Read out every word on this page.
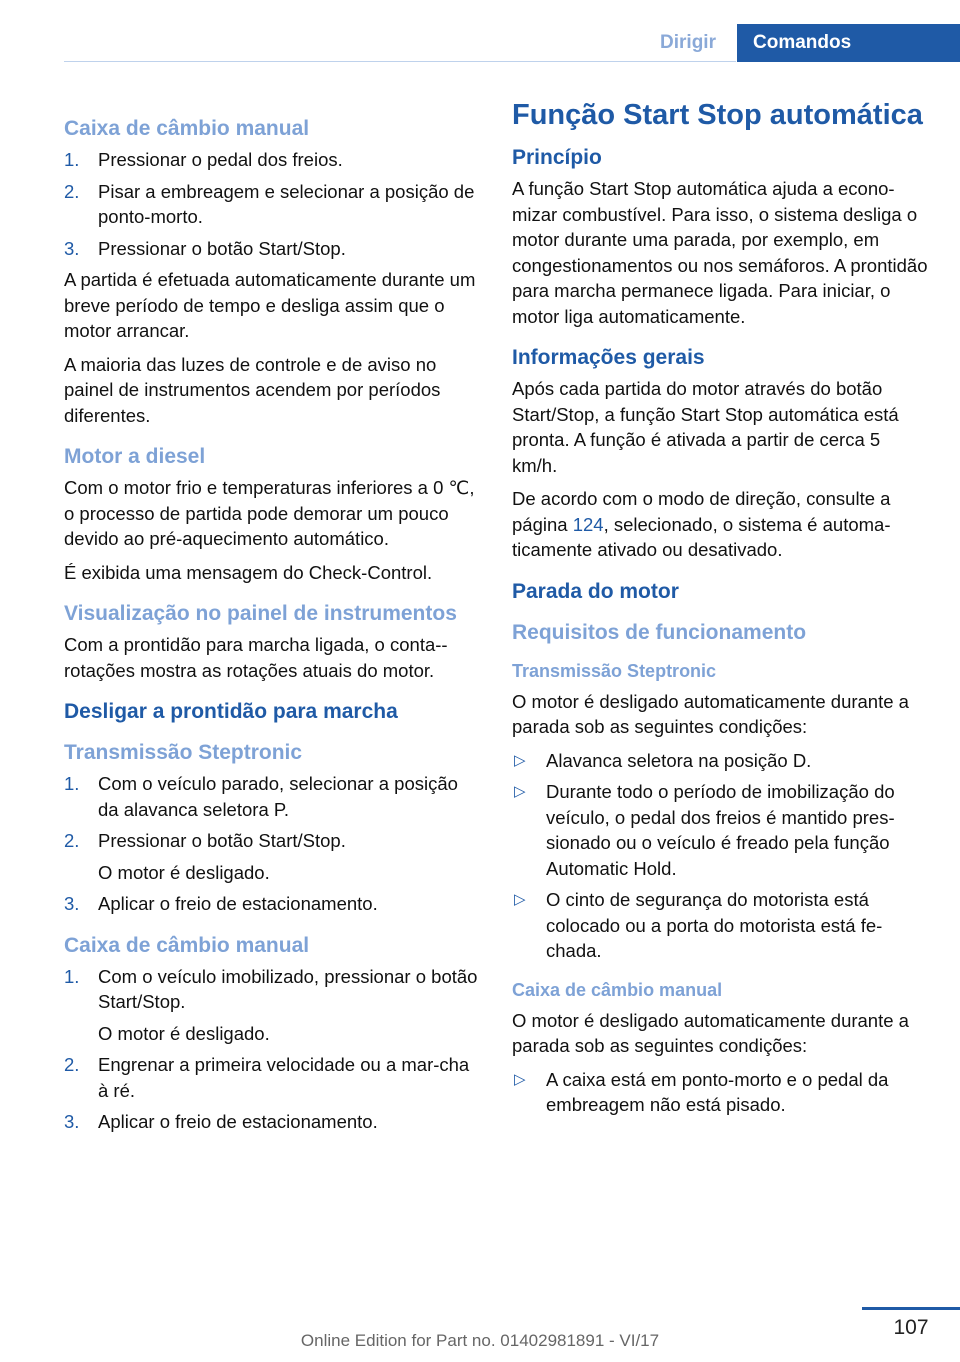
Dirigir	Comandos
Caixa de câmbio manual
1. Pressionar o pedal dos freios.
2. Pisar a embreagem e selecionar a posição de ponto-morto.
3. Pressionar o botão Start/Stop.

A partida é efetuada automaticamente durante um breve período de tempo e desliga assim que o motor arrancar.

A maioria das luzes de controle e de aviso no painel de instrumentos acendem por períodos diferentes.

Motor a diesel

Com o motor frio e temperaturas inferiores a 0 ℃, o processo de partida pode demorar um pouco devido ao pré-aquecimento automático.

É exibida uma mensagem do Check-Control.

Visualização no painel de instrumentos

Com a prontidão para marcha ligada, o conta--rotações mostra as rotações atuais do motor.

Desligar a prontidão para marcha
Transmissão Steptronic
1. Com o veículo parado, selecionar a posição da alavanca seletora P.
2. Pressionar o botão Start/Stop.
O motor é desligado.
3. Aplicar o freio de estacionamento.
Caixa de câmbio manual
1. Com o veículo imobilizado, pressionar o botão Start/Stop.
O motor é desligado.
2. Engrenar a primeira velocidade ou a mar-cha à ré.
3. Aplicar o freio de estacionamento.
Função Start Stop automática
Princípio

A função Start Stop automática ajuda a econo-mizar combustível. Para isso, o sistema desliga o motor durante uma parada, por exemplo, em congestionamentos ou nos semáforos. A prontidão para marcha permanece ligada. Para iniciar, o motor liga automaticamente.

Informações gerais

Após cada partida do motor através do botão Start/Stop, a função Start Stop automática está pronta. A função é ativada a partir de cerca 5 km/h.

De acordo com o modo de direção, consulte a página 124, selecionado, o sistema é automa-ticamente ativado ou desativado.

Parada do motor
Requisitos de funcionamento
Transmissão Steptronic

O motor é desligado automaticamente durante a parada sob as seguintes condições:

▷ Alavanca seletora na posição D.
▷ Durante todo o período de imobilização do veículo, o pedal dos freios é mantido pres-sionado ou o veículo é freado pela função Automatic Hold.
▷ O cinto de segurança do motorista está colocado ou a porta do motorista está fe-chada.
Caixa de câmbio manual

O motor é desligado automaticamente durante a parada sob as seguintes condições:

▷ A caixa está em ponto-morto e o pedal da embreagem não está pisado.
107
Online Edition for Part no. 01402981891 - VI/17
